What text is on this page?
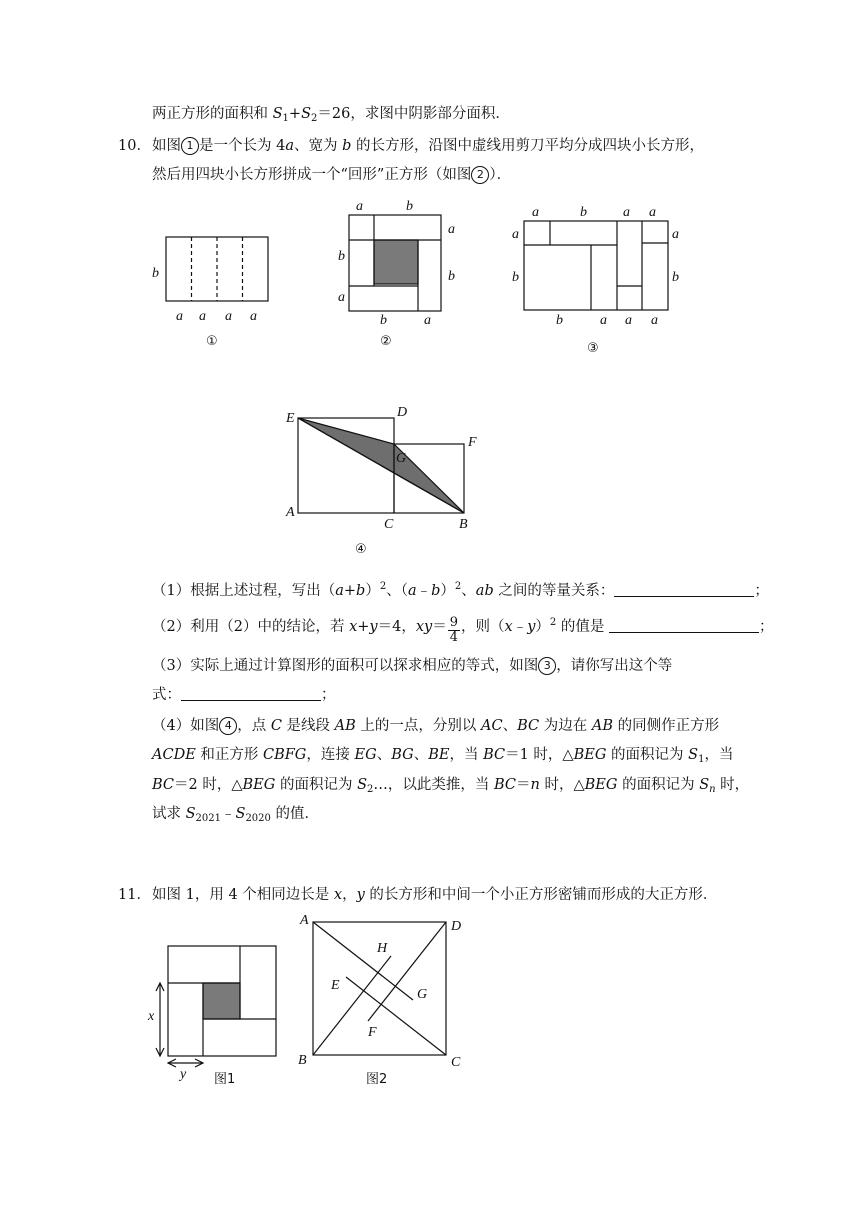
两正方形的面积和 $S_1+S_2=26$，求图中阴影部分面积．
10． 如图 1 是一个长为 4a、宽为 b 的长方形，沿图中虚线用剪刀平均分成四块小长方形，
然后用四块小长方形拼成一个“回形”正方形（如图 2 ）．
b
a a a a
①
a	b
a
b
b
a
b	a
②
a	b	a a
a
b
a
b
b	a a a
③
E	D
G
F
A
C	B
④
x
y
A	D
H
E
G
F
B	C
图1	图2
（1）根据上述过程，写出$(a+b)^2$、（a﹣b）$^2$、ab 之间的等量关系：	；
（2）利用（2）中的结论，若 x+y＝4，$xy= \frac{9}{4}$ ，则（x﹣y）$^2$ 的值是	；
（3）实际上通过计算图形的面积可以探求相应的等式，如图 3 ，请你写出这个等
式：	；
（4）如图 4 ，点 C 是线段 AB 上的一点，分别以 AC、BC 为边在 AB 的同侧作正方形
ACDE 和正方形 CBFG，连接 EG、BG、BE，当 BC＝1 时，△BEG 的面积记为 $S_1$，当
BC＝2 时，△BEG 的面积记为 $S_2\dots$，以此类推，当 BC＝n 时，△BEG 的面积记为 $S_n$ 时，
试求 $S_{2021}﹣S_{2020}$ 的值．
11． 如图 1，用 4 个相同边长是 x，y 的长方形和中间一个小正方形密铺而形成的大正方形．
